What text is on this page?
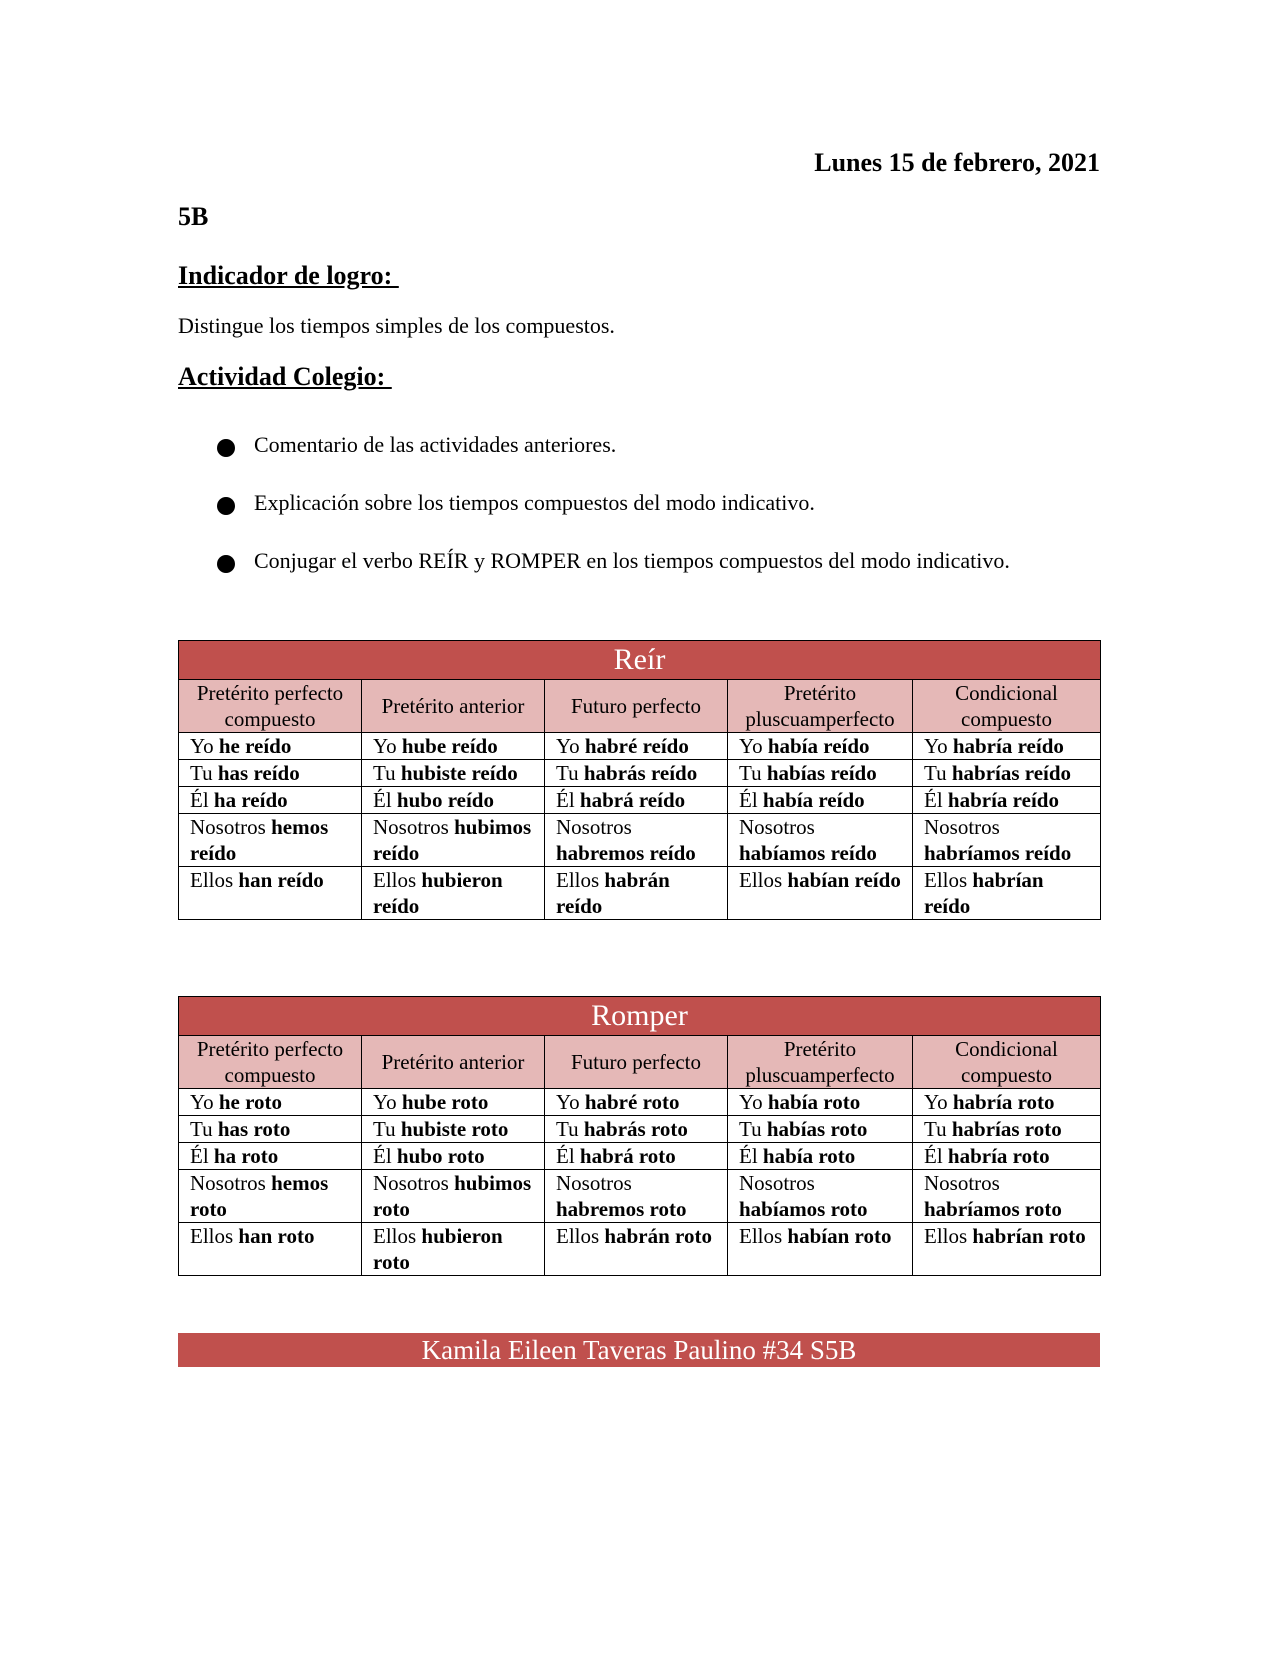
Lunes 15 de febrero, 2021
5B
Indicador de logro:
Distingue los tiempos simples de los compuestos.
Actividad Colegio:
Comentario de las actividades anteriores.
Explicación sobre los tiempos compuestos del modo indicativo.
Conjugar el verbo REÍR y ROMPER en los tiempos compuestos del modo indicativo.
Reír				
Pretérito perfecto compuesto	Pretérito anterior	Futuro perfecto	Pretérito pluscuamperfecto	Condicional compuesto
Yo he reído	Yo hube reído	Yo habré reído	Yo había reído	Yo habría reído
Tu has reído	Tu hubiste reído	Tu habrás reído	Tu habías reído	Tu habrías reído
Él ha reído	Él hubo reído	Él habrá reído	Él había reído	Él habría reído
Nosotros hemos reído	Nosotros hubimos reído	Nosotros habremos reído	Nosotros habíamos reído	Nosotros habríamos reído
Ellos han reído	Ellos hubieron reído	Ellos habrán reído	Ellos habían reído	Ellos habrían reído
Romper				
Pretérito perfecto compuesto	Pretérito anterior	Futuro perfecto	Pretérito pluscuamperfecto	Condicional compuesto
Yo he roto	Yo hube roto	Yo habré roto	Yo había roto	Yo habría roto
Tu has roto	Tu hubiste roto	Tu habrás roto	Tu habías roto	Tu habrías roto
Él ha roto	Él hubo roto	Él habrá roto	Él había roto	Él habría roto
Nosotros hemos roto	Nosotros hubimos roto	Nosotros habremos roto	Nosotros habíamos roto	Nosotros habríamos roto
Ellos han roto	Ellos hubieron roto	Ellos habrán roto	Ellos habían roto	Ellos habrían roto
Kamila Eileen Taveras Paulino #34 S5B
